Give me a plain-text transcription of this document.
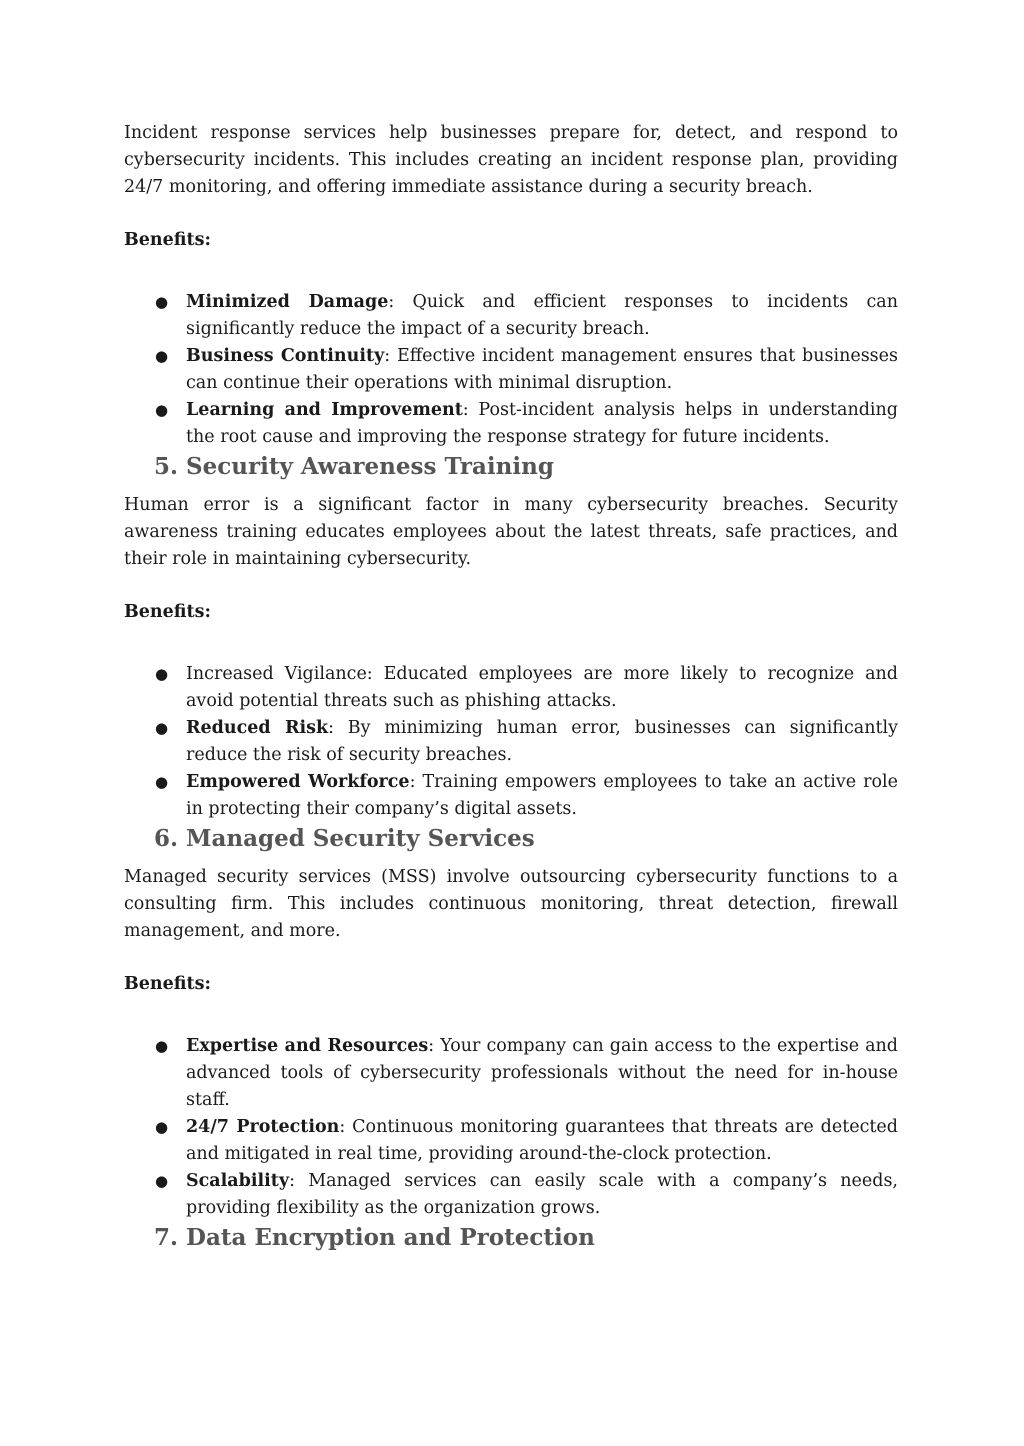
Incident response services help businesses prepare for, detect, and respond to cybersecurity incidents. This includes creating an incident response plan, providing 24/7 monitoring, and offering immediate assistance during a security breach.

Benefits:

● Minimized Damage: Quick and efficient responses to incidents can significantly reduce the impact of a security breach.
● Business Continuity: Effective incident management ensures that businesses can continue their operations with minimal disruption.
● Learning and Improvement: Post-incident analysis helps in understanding the root cause and improving the response strategy for future incidents.
5. Security Awareness Training

Human error is a significant factor in many cybersecurity breaches. Security awareness training educates employees about the latest threats, safe practices, and their role in maintaining cybersecurity.

Benefits:

● Increased Vigilance: Educated employees are more likely to recognize and avoid potential threats such as phishing attacks.
● Reduced Risk: By minimizing human error, businesses can significantly reduce the risk of security breaches.
● Empowered Workforce: Training empowers employees to take an active role in protecting their company’s digital assets.
6. Managed Security Services

Managed security services (MSS) involve outsourcing cybersecurity functions to a consulting firm. This includes continuous monitoring, threat detection, firewall management, and more.

Benefits:

● Expertise and Resources: Your company can gain access to the expertise and advanced tools of cybersecurity professionals without the need for in-house staff.
● 24/7 Protection: Continuous monitoring guarantees that threats are detected and mitigated in real time, providing around-the-clock protection.
● Scalability: Managed services can easily scale with a company’s needs, providing flexibility as the organization grows.
7. Data Encryption and Protection
